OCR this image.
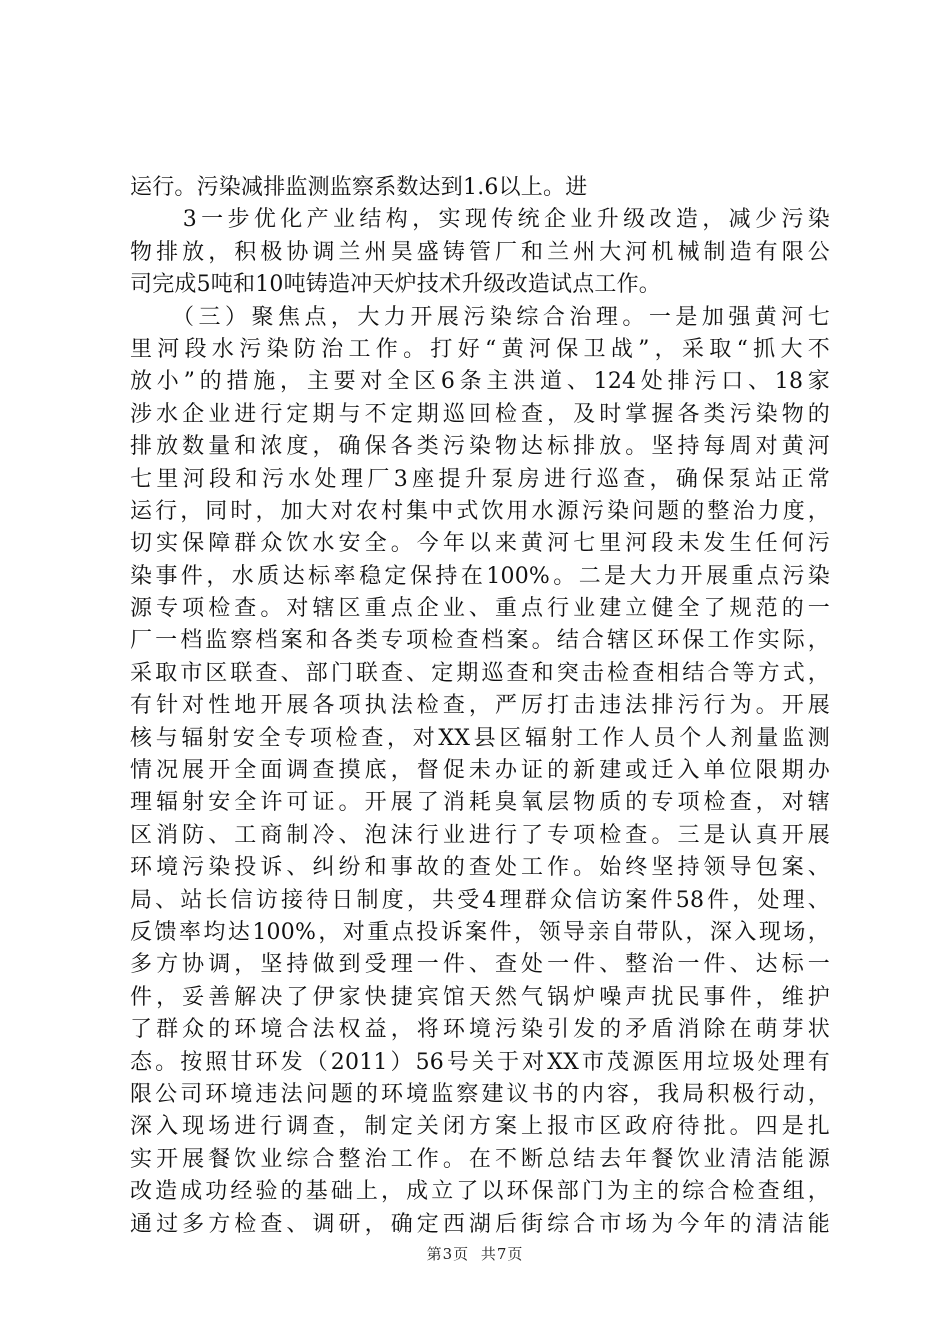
运行。污染减排监测监察系数达到1.6以上。进
　　3一步优化产业结构，实现传统企业升级改造，减少污染
物排放，积极协调兰州昊盛铸管厂和兰州大河机械制造有限公
司完成5吨和10吨铸造冲天炉技术升级改造试点工作。
　　（三）聚焦点，大力开展污染综合治理。一是加强黄河七
里河段水污染防治工作。打好“黄河保卫战”，采取“抓大不
放小”的措施，主要对全区6条主洪道、124处排污口、18家
涉水企业进行定期与不定期巡回检查，及时掌握各类污染物的
排放数量和浓度，确保各类污染物达标排放。坚持每周对黄河
七里河段和污水处理厂3座提升泵房进行巡查，确保泵站正常
运行，同时，加大对农村集中式饮用水源污染问题的整治力度，
切实保障群众饮水安全。今年以来黄河七里河段未发生任何污
染事件，水质达标率稳定保持在100%。二是大力开展重点污染
源专项检查。对辖区重点企业、重点行业建立健全了规范的一
厂一档监察档案和各类专项检查档案。结合辖区环保工作实际，
采取市区联查、部门联查、定期巡查和突击检查相结合等方式，
有针对性地开展各项执法检查，严厉打击违法排污行为。开展
核与辐射安全专项检查，对XX县区辐射工作人员个人剂量监测
情况展开全面调查摸底，督促未办证的新建或迁入单位限期办
理辐射安全许可证。开展了消耗臭氧层物质的专项检查，对辖
区消防、工商制冷、泡沫行业进行了专项检查。三是认真开展
环境污染投诉、纠纷和事故的查处工作。始终坚持领导包案、
局、站长信访接待日制度，共受4理群众信访案件58件，处理、
反馈率均达100%，对重点投诉案件，领导亲自带队，深入现场，
多方协调，坚持做到受理一件、查处一件、整治一件、达标一
件，妥善解决了伊家快捷宾馆天然气锅炉噪声扰民事件，维护
了群众的环境合法权益，将环境污染引发的矛盾消除在萌芽状
态。按照甘环发（2011）56号关于对XX市茂源医用垃圾处理有
限公司环境违法问题的环境监察建议书的内容，我局积极行动，
深入现场进行调查，制定关闭方案上报市区政府待批。四是扎
实开展餐饮业综合整治工作。在不断总结去年餐饮业清洁能源
改造成功经验的基础上，成立了以环保部门为主的综合检查组，
通过多方检查、调研，确定西湖后街综合市场为今年的清洁能
第3页 共7页
